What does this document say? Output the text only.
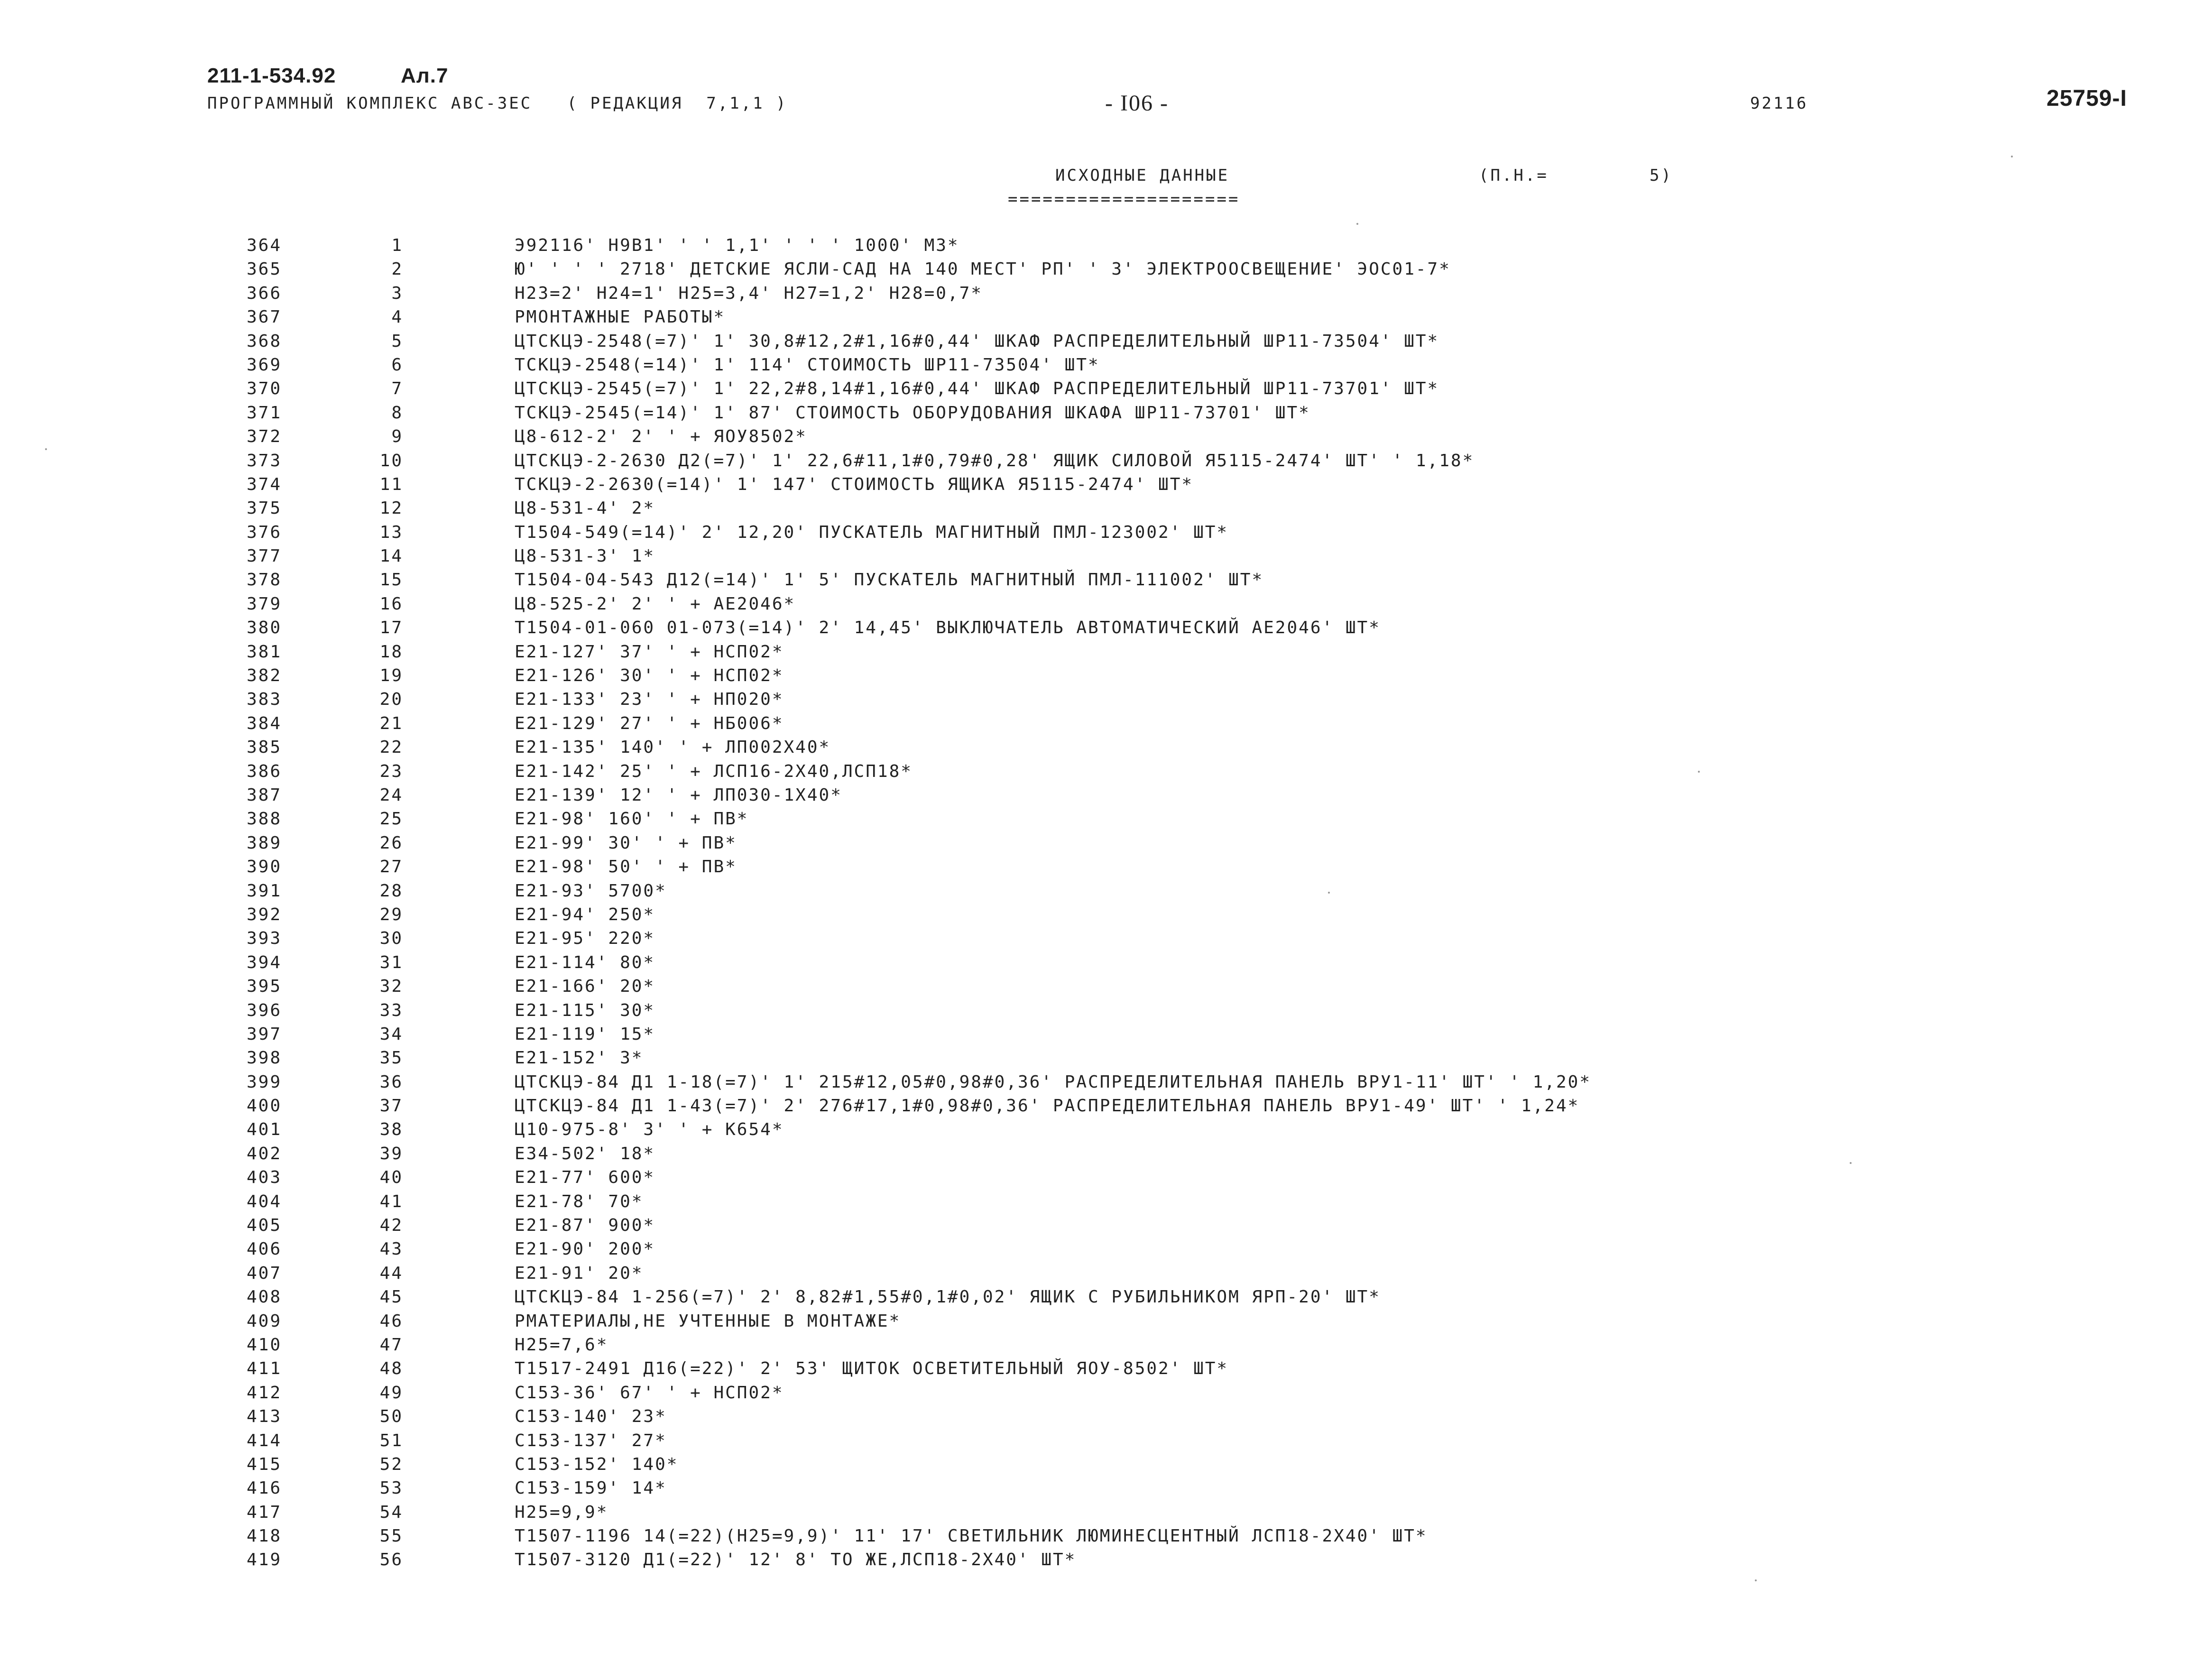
211-1-534.92	Ал.7
25759-I
ПРОГРАММНЫЙ КОМПЛЕКС АВС-3ЕС   ( РЕДАКЦИЯ  7,1,1 )	- I06 -	92116
ИСХОДНЫЕ ДАННЫЕ	(П.Н.=	5)
====================
364	1	Э92116' Н9В1' ' ' 1,1' ' ' ' 1000' М3*
365	2	Ю' ' ' ' 2718' ДЕТСКИЕ ЯСЛИ-САД НА 140 МЕСТ' РП' ' 3' ЭЛЕКТРООСВЕЩЕНИЕ' ЭОС01-7*
366	3	Н23=2' Н24=1' Н25=3,4' Н27=1,2' Н28=0,7*
367	4	РМОНТАЖНЫЕ РАБОТЫ*
368	5	ЦТСКЦЭ-2548(=7)' 1' 30,8#12,2#1,16#0,44' ШКАФ РАСПРЕДЕЛИТЕЛЬНЫЙ ШР11-73504' ШТ*
369	6	ТСКЦЭ-2548(=14)' 1' 114' СТОИМОСТЬ ШР11-73504' ШТ*
370	7	ЦТСКЦЭ-2545(=7)' 1' 22,2#8,14#1,16#0,44' ШКАФ РАСПРЕДЕЛИТЕЛЬНЫЙ ШР11-73701' ШТ*
371	8	ТСКЦЭ-2545(=14)' 1' 87' СТОИМОСТЬ ОБОРУДОВАНИЯ ШКАФА ШР11-73701' ШТ*
372	9	Ц8-612-2' 2' ' + ЯОУ8502*
373	10	ЦТСКЦЭ-2-2630 Д2(=7)' 1' 22,6#11,1#0,79#0,28' ЯЩИК СИЛОВОЙ Я5115-2474' ШТ' ' 1,18*
374	11	ТСКЦЭ-2-2630(=14)' 1' 147' СТОИМОСТЬ ЯЩИКА Я5115-2474' ШТ*
375	12	Ц8-531-4' 2*
376	13	Т1504-549(=14)' 2' 12,20' ПУСКАТЕЛЬ МАГНИТНЫЙ ПМЛ-123002' ШТ*
377	14	Ц8-531-3' 1*
378	15	Т1504-04-543 Д12(=14)' 1' 5' ПУСКАТЕЛЬ МАГНИТНЫЙ ПМЛ-111002' ШТ*
379	16	Ц8-525-2' 2' ' + АЕ2046*
380	17	Т1504-01-060 01-073(=14)' 2' 14,45' ВЫКЛЮЧАТЕЛЬ АВТОМАТИЧЕСКИЙ АЕ2046' ШТ*
381	18	Е21-127' 37' ' + НСП02*
382	19	Е21-126' 30' ' + НСП02*
383	20	Е21-133' 23' ' + НП020*
384	21	Е21-129' 27' ' + НБ006*
385	22	Е21-135' 140' ' + ЛП002Х40*
386	23	Е21-142' 25' ' + ЛСП16-2Х40,ЛСП18*
387	24	Е21-139' 12' ' + ЛП030-1Х40*
388	25	Е21-98' 160' ' + ПВ*
389	26	Е21-99' 30' ' + ПВ*
390	27	Е21-98' 50' ' + ПВ*
391	28	Е21-93' 5700*
392	29	Е21-94' 250*
393	30	Е21-95' 220*
394	31	Е21-114' 80*
395	32	Е21-166' 20*
396	33	Е21-115' 30*
397	34	Е21-119' 15*
398	35	Е21-152' 3*
399	36	ЦТСКЦЭ-84 Д1 1-18(=7)' 1' 215#12,05#0,98#0,36' РАСПРЕДЕЛИТЕЛЬНАЯ ПАНЕЛЬ ВРУ1-11' ШТ' ' 1,20*
400	37	ЦТСКЦЭ-84 Д1 1-43(=7)' 2' 276#17,1#0,98#0,36' РАСПРЕДЕЛИТЕЛЬНАЯ ПАНЕЛЬ ВРУ1-49' ШТ' ' 1,24*
401	38	Ц10-975-8' 3' ' + К654*
402	39	Е34-502' 18*
403	40	Е21-77' 600*
404	41	Е21-78' 70*
405	42	Е21-87' 900*
406	43	Е21-90' 200*
407	44	Е21-91' 20*
408	45	ЦТСКЦЭ-84 1-256(=7)' 2' 8,82#1,55#0,1#0,02' ЯЩИК С РУБИЛЬНИКОМ ЯРП-20' ШТ*
409	46	РМАТЕРИАЛЫ,НЕ УЧТЕННЫЕ В МОНТАЖЕ*
410	47	Н25=7,6*
411	48	Т1517-2491 Д16(=22)' 2' 53' ЩИТОК ОСВЕТИТЕЛЬНЫЙ ЯОУ-8502' ШТ*
412	49	С153-36' 67' ' + НСП02*
413	50	С153-140' 23*
414	51	С153-137' 27*
415	52	С153-152' 140*
416	53	С153-159' 14*
417	54	Н25=9,9*
418	55	Т1507-1196 14(=22)(Н25=9,9)' 11' 17' СВЕТИЛЬНИК ЛЮМИНЕСЦЕНТНЫЙ ЛСП18-2Х40' ШТ*
419	56	Т1507-3120 Д1(=22)' 12' 8' ТО ЖЕ,ЛСП18-2Х40' ШТ*
